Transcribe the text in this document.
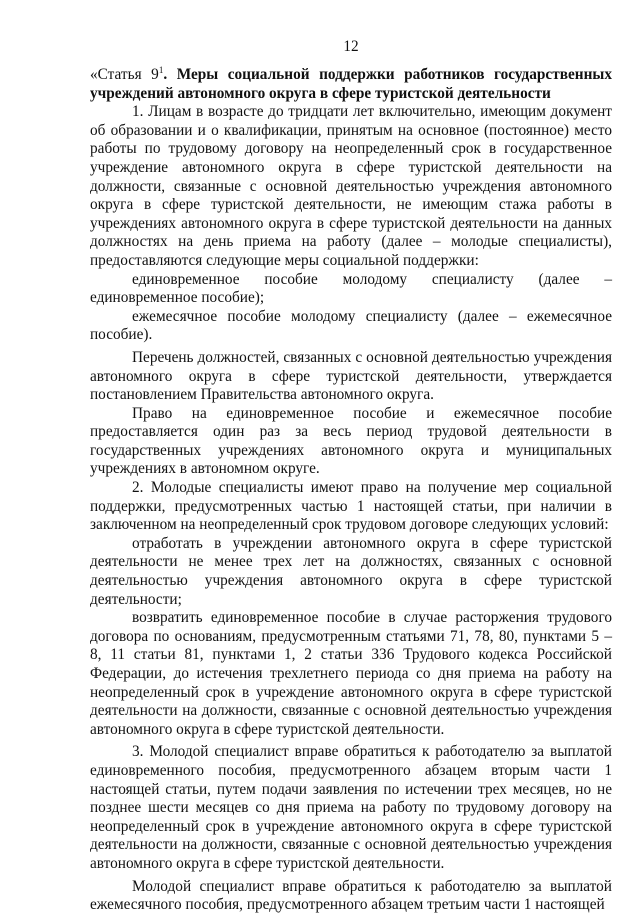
12
«Статья $9^1$. Меры социальной поддержки работников государственных учреждений автономного округа в сфере туристской деятельности

1. Лицам в возрасте до тридцати лет включительно, имеющим документ об образовании и о квалификации, принятым на основное (постоянное) место работы по трудовому договору на неопределенный срок в государственное учреждение автономного округа в сфере туристской деятельности на должности, связанные с основной деятельностью учреждения автономного округа в сфере туристской деятельности, не имеющим стажа работы в учреждениях автономного округа в сфере туристской деятельности на данных должностях на день приема на работу (далее – молодые специалисты), предоставляются следующие меры социальной поддержки:

единовременное пособие молодому специалисту (далее – единовременное пособие);

ежемесячное пособие молодому специалисту (далее – ежемесячное пособие).

Перечень должностей, связанных с основной деятельностью учреждения автономного округа в сфере туристской деятельности, утверждается постановлением Правительства автономного округа.

Право на единовременное пособие и ежемесячное пособие предоставляется один раз за весь период трудовой деятельности в государственных учреждениях автономного округа и муниципальных учреждениях в автономном округе.

2. Молодые специалисты имеют право на получение мер социальной поддержки, предусмотренных частью 1 настоящей статьи, при наличии в заключенном на неопределенный срок трудовом договоре следующих условий:

отработать в учреждении автономного округа в сфере туристской деятельности не менее трех лет на должностях, связанных с основной деятельностью учреждения автономного округа в сфере туристской деятельности;

возвратить единовременное пособие в случае расторжения трудового договора по основаниям, предусмотренным статьями 71, 78, 80, пунктами 5 – 8, 11 статьи 81, пунктами 1, 2 статьи 336 Трудового кодекса Российской Федерации, до истечения трехлетнего периода со дня приема на работу на неопределенный срок в учреждение автономного округа в сфере туристской деятельности на должности, связанные с основной деятельностью учреждения автономного округа в сфере туристской деятельности.

3. Молодой специалист вправе обратиться к работодателю за выплатой единовременного пособия, предусмотренного абзацем вторым части 1 настоящей статьи, путем подачи заявления по истечении трех месяцев, но не позднее шести месяцев со дня приема на работу по трудовому договору на неопределенный срок в учреждение автономного округа в сфере туристской деятельности на должности, связанные с основной деятельностью учреждения автономного округа в сфере туристской деятельности.

Молодой специалист вправе обратиться к работодателю за выплатой ежемесячного пособия, предусмотренного абзацем третьим части 1 настоящей
